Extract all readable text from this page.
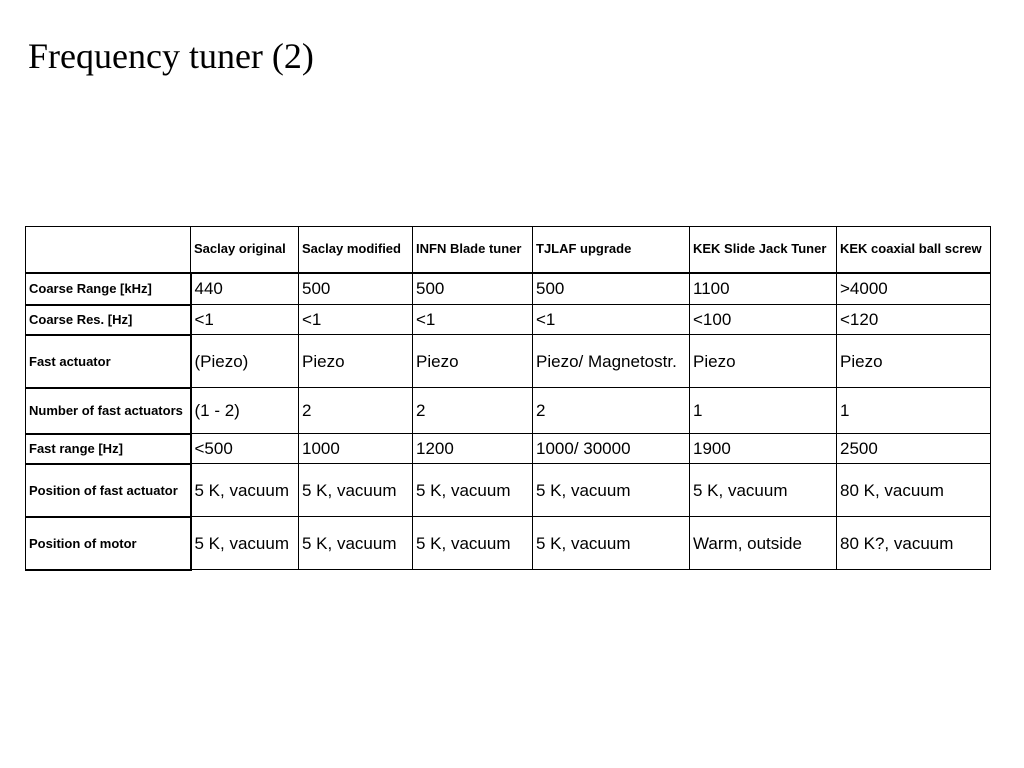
Frequency tuner (2)
	Saclay original	Saclay modified	INFN Blade tuner	TJLAF upgrade	KEK Slide Jack Tuner	KEK coaxial ball screw
Coarse Range [kHz]	440	500	500	500	1100	>4000
Coarse Res. [Hz]	<1	<1	<1	<1	<100	<120
Fast actuator	(Piezo)	Piezo	Piezo	Piezo/ Magnetostr.	Piezo	Piezo
Number of fast actuators	(1 - 2)	2	2	2	1	1
Fast range [Hz]	<500	1000	1200	1000/ 30000	1900	2500
Position of fast actuator	5 K, vacuum	5 K, vacuum	5 K, vacuum	5 K, vacuum	5 K, vacuum	80 K, vacuum
Position of motor	5 K, vacuum	5 K, vacuum	5 K, vacuum	5 K, vacuum	Warm, outside	80 K?, vacuum
